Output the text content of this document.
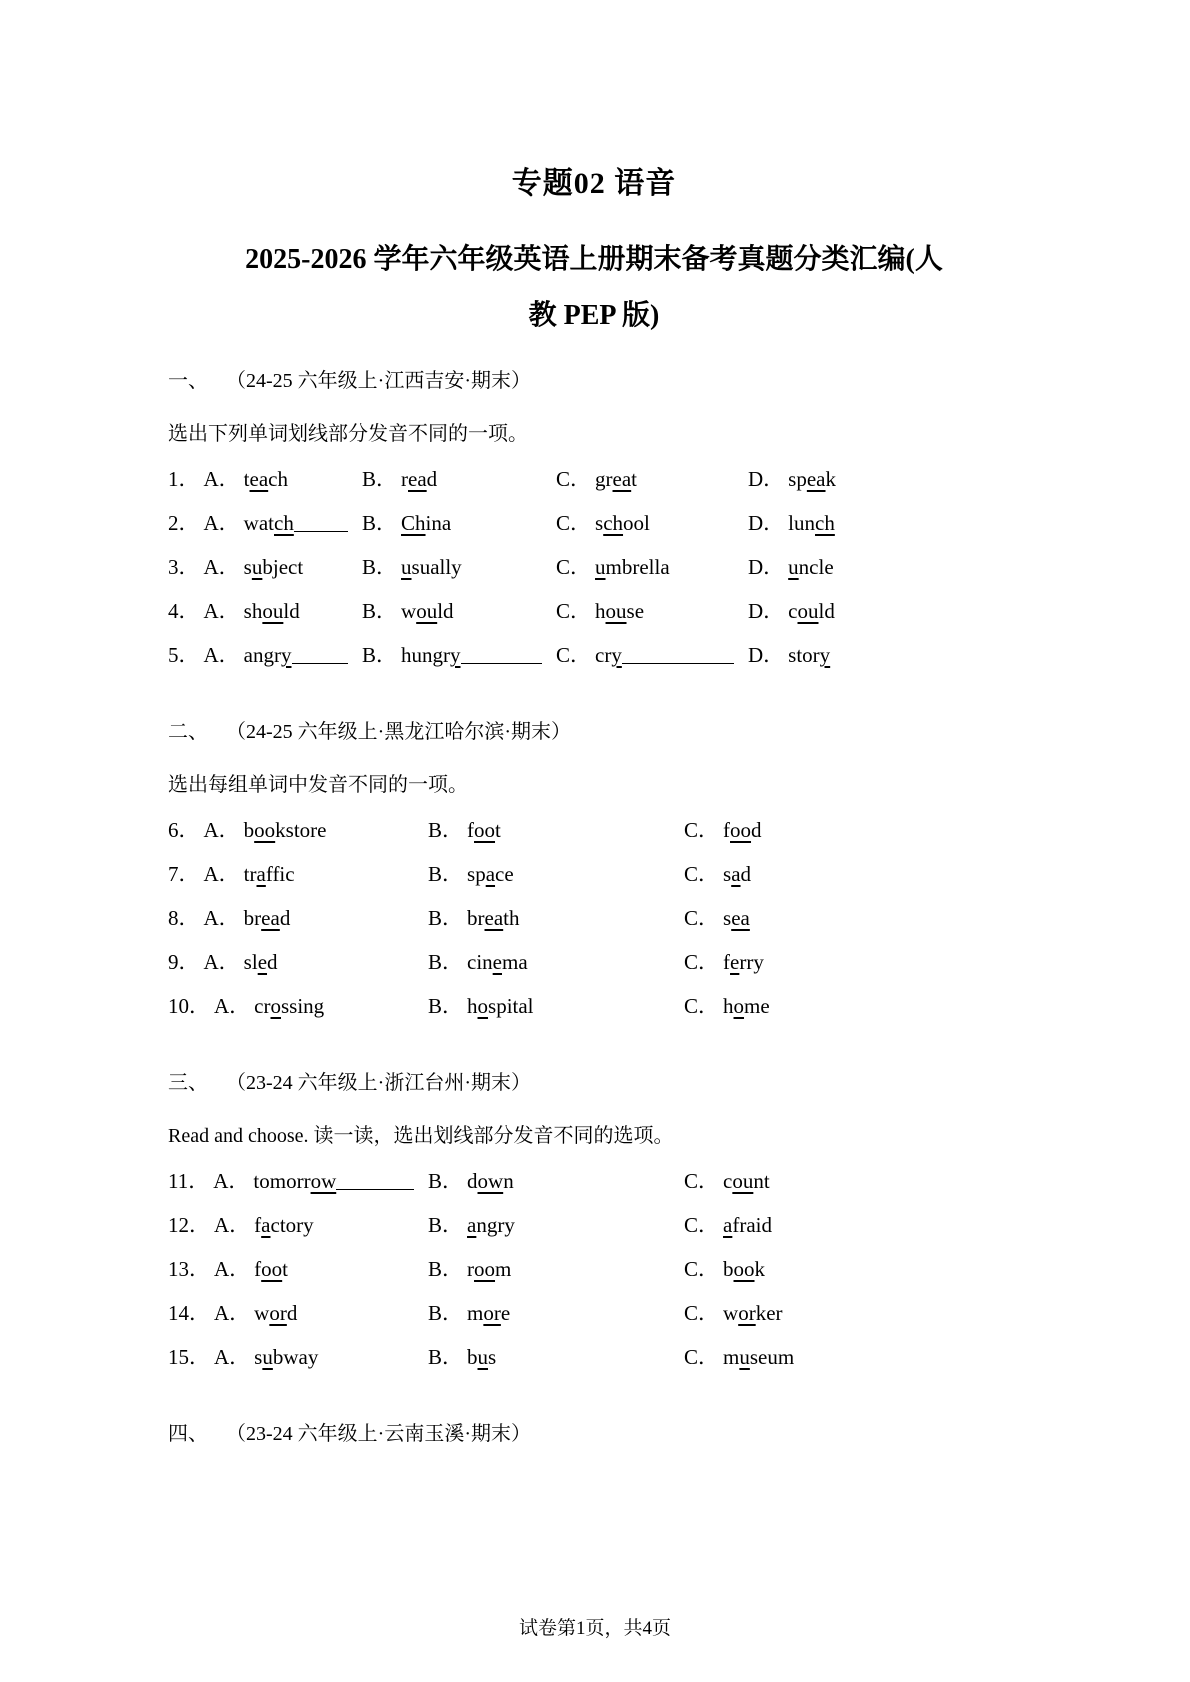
专题02 语音
2025-2026 学年六年级英语上册期末备考真题分类汇编(人
教 PEP 版)
一、 （24-25 六年级上·江西吉安·期末）
选出下列单词划线部分发音不同的一项。
1． A． teach	B． read	C． great	D． speak
2． A． watch	B． China	C． school	D． lunch
3． A． subject	B． usually	C． umbrella	D． uncle
4． A． should	B． would	C． house	D． could
5． A． angry	B． hungry	C． cry	D． story
二、 （24-25 六年级上·黑龙江哈尔滨·期末）
选出每组单词中发音不同的一项。
6． A． bookstore	B． foot	C． food
7． A． traffic	B． space	C． sad
8． A． bread	B． breath	C． sea
9． A． sled	B． cinema	C． ferry
10． A． crossing	B． hospital	C． home
三、 （23-24 六年级上·浙江台州·期末）
Read and choose. 读一读，选出划线部分发音不同的选项。
11． A． tomorrow	B． down	C． count
12． A． factory	B． angry	C． afraid
13． A． foot	B． room	C． book
14． A． word	B． more	C． worker
15． A． subway	B． bus	C． museum
四、 （23-24 六年级上·云南玉溪·期末）
试卷第1页，共4页
